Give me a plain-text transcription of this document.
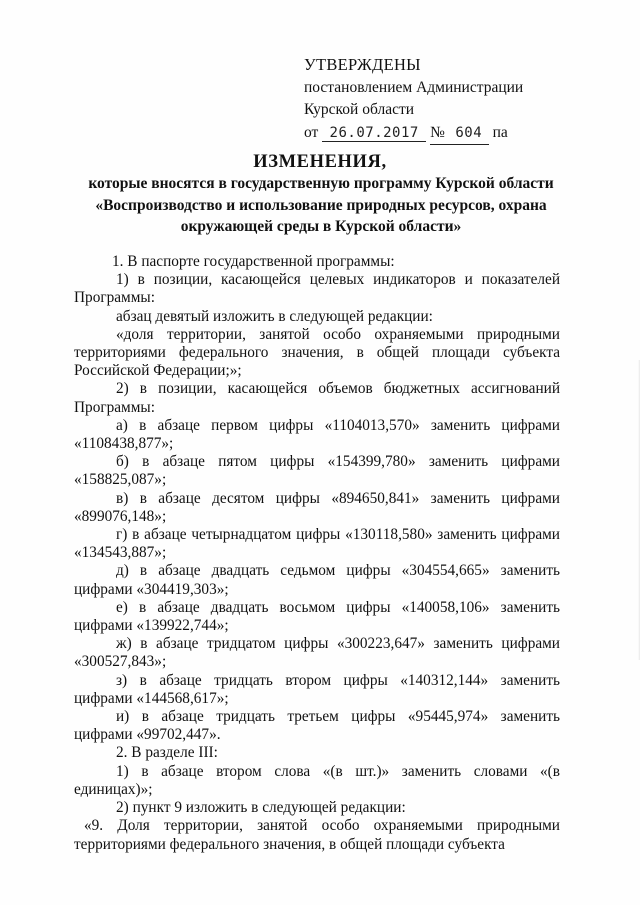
УТВЕРЖДЕНЫ
постановлением Администрации
Курской области
от 26.07.2017 № 604 па
ИЗМЕНЕНИЯ,
которые вносятся в государственную программу Курской области «Воспроизводство и использование природных ресурсов, охрана окружающей среды в Курской области»

1. В паспорте государственной программы:

1) в позиции, касающейся целевых индикаторов и показателей Программы:

абзац девятый изложить в следующей редакции:

«доля территории, занятой особо охраняемыми природными территориями федерального значения, в общей площади субъекта Российской Федерации;»;

2) в позиции, касающейся объемов бюджетных ассигнований Программы:

а) в абзаце первом цифры «1104013,570» заменить цифрами «1108438,877»;

б) в абзаце пятом цифры «154399,780» заменить цифрами «158825,087»;

в) в абзаце десятом цифры «894650,841» заменить цифрами «899076,148»;

г) в абзаце четырнадцатом цифры «130118,580» заменить цифрами «134543,887»;

д) в абзаце двадцать седьмом цифры «304554,665» заменить цифрами «304419,303»;

е) в абзаце двадцать восьмом цифры «140058,106» заменить цифрами «139922,744»;

ж) в абзаце тридцатом цифры «300223,647» заменить цифрами «300527,843»;

з) в абзаце тридцать втором цифры «140312,144» заменить цифрами «144568,617»;

и) в абзаце тридцать третьем цифры «95445,974» заменить цифрами «99702,447».

2. В разделе III:

1) в абзаце втором слова «(в шт.)» заменить словами «(в единицах)»;

2) пункт 9 изложить в следующей редакции:

«9. Доля территории, занятой особо охраняемыми природными территориями федерального значения, в общей площади субъекта
